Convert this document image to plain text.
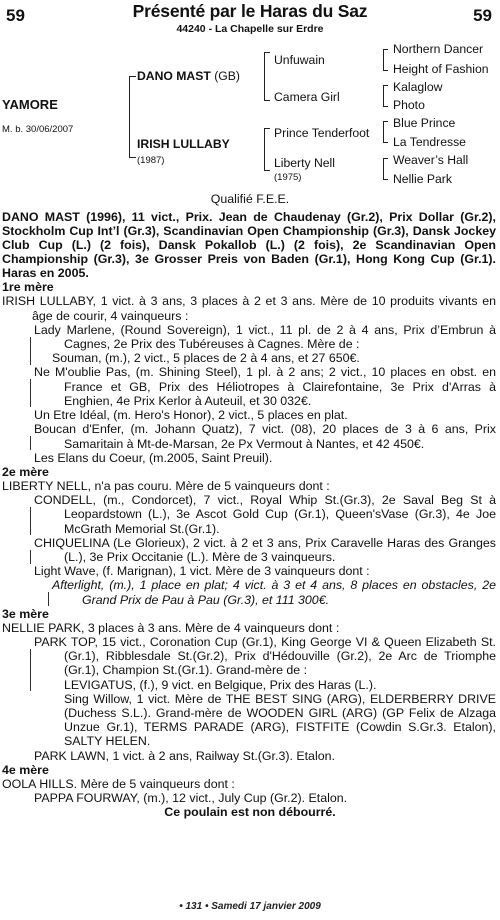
59	Présenté par le Haras du Saz	59
44240 - La Chapelle sur Erdre
YAMORE
M. b. 30/06/2007
DANO MAST (GB)
IRISH LULLABY
(1987)
Unfuwain
Camera Girl
Prince Tenderfoot
Liberty Nell
(1975)
Northern Dancer
Height of Fashion
Kalaglow
Photo
Blue Prince
La Tendresse
Weaver’s Hall
Nellie Park
Qualifié F.E.E.

DANO MAST (1996), 11 vict., Prix. Jean de Chaudenay (Gr.2), Prix Dollar (Gr.2), Stockholm Cup Int’l (Gr.3), Scandinavian Open Championship (Gr.3), Dansk Jockey Club Cup (L.) (2 fois), Dansk Pokallob (L.) (2 fois), 2e Scandinavian Open Championship (Gr.3), 3e Grosser Preis von Baden (Gr.1), Hong Kong Cup (Gr.1). Haras en 2005.

1re mère

IRISH LULLABY, 1 vict. à 3 ans, 3 places à 2 et 3 ans. Mère de 10 produits vivants en âge de courir, 4 vainqueurs :

Lady Marlene, (Round Sovereign), 1 vict., 11 pl. de 2 à 4 ans, Prix d’Embrun à Cagnes, 2e Prix des Tubéreuses à Cagnes. Mère de :

Souman, (m.), 2 vict., 5 places de 2 à 4 ans, et 27 650€.

Ne M'oublie Pas, (m. Shining Steel), 1 pl. à 2 ans; 2 vict., 10 places en obst. en France et GB, Prix des Héliotropes à Clairefontaine, 3e Prix d'Arras à Enghien, 4e Prix Kerlor à Auteuil, et 30 032€.

Un Etre Idéal, (m. Hero's Honor), 2 vict., 5 places en plat.

Boucan d'Enfer, (m. Johann Quatz), 7 vict. (08), 20 places de 3 à 6 ans, Prix Samaritain à Mt-de-Marsan, 2e Px Vermout à Nantes, et 42 450€.

Les Elans du Coeur, (m.2005, Saint Preuil).

2e mère

LIBERTY NELL, n'a pas couru. Mère de 5 vainqueurs dont :

CONDELL, (m., Condorcet), 7 vict., Royal Whip St.(Gr.3), 2e Saval Beg St à Leopardstown (L.), 3e Ascot Gold Cup (Gr.1), Queen'sVase (Gr.3), 4e Joe McGrath Memorial St.(Gr.1).

CHIQUELINA (Le Glorieux), 2 vict. à 2 et 3 ans, Prix Caravelle Haras des Granges (L.), 3e Prix Occitanie (L.). Mère de 3 vainqueurs.

Light Wave, (f. Marignan), 1 vict. Mère de 3 vainqueurs dont :

Afterlight, (m.), 1 place en plat; 4 vict. à 3 et 4 ans, 8 places en obstacles, 2e Grand Prix de Pau à Pau (Gr.3), et 111 300€.

3e mère

NELLIE PARK, 3 places à 3 ans. Mère de 4 vainqueurs dont :

PARK TOP, 15 vict., Coronation Cup (Gr.1), King George VI & Queen Elizabeth St.(Gr.1), Ribblesdale St.(Gr.2), Prix d'Hédouville (Gr.2), 2e Arc de Triomphe (Gr.1), Champion St.(Gr.1). Grand-mère de :

LEVIGATUS, (f.), 9 vict. en Belgique, Prix des Haras (L.).

Sing Willow, 1 vict. Mère de THE BEST SING (ARG), ELDERBERRY DRIVE (Duchess S.L.). Grand-mère de WOODEN GIRL (ARG) (GP Felix de Alzaga Unzue Gr.1), TERMS PARADE (ARG), FISTFITE (Cowdin S.Gr.3. Etalon), SALTY HELEN.

PARK LAWN, 1 vict. à 2 ans, Railway St.(Gr.3). Etalon.

4e mère

OOLA HILLS. Mère de 5 vainqueurs dont :

PAPPA FOURWAY, (m.), 12 vict., July Cup (Gr.2). Etalon.

Ce poulain est non débourré.

• 131 • Samedi 17 janvier 2009
